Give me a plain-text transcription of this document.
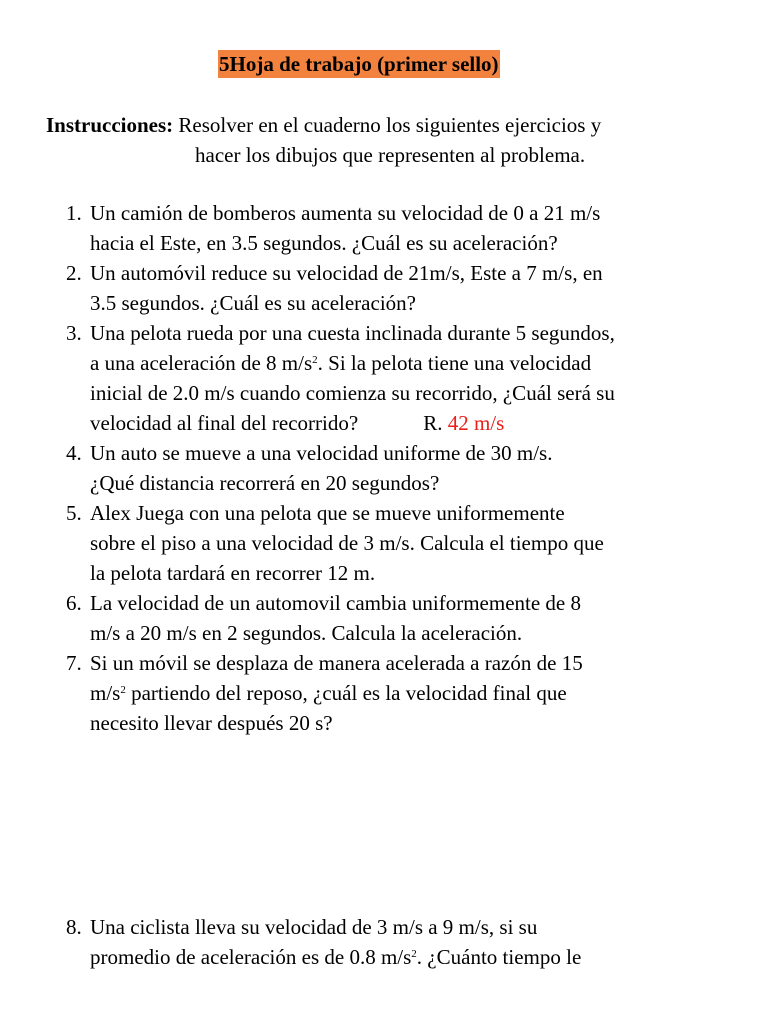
5Hoja de trabajo (primer sello)
Instrucciones: Resolver en el cuaderno los siguientes ejercicios y
hacer los dibujos que representen al problema.
1. Un camión de bomberos aumenta su velocidad de 0 a 21 m/s
hacia el Este, en 3.5 segundos. ¿Cuál es su aceleración?
2. Un automóvil reduce su velocidad de 21m/s, Este a 7 m/s, en
3.5 segundos. ¿Cuál es su aceleración?
3. Una pelota rueda por una cuesta inclinada durante 5 segundos,
a una aceleración de 8 $m/s^2$. Si la pelota tiene una velocidad
inicial de 2.0 m/s cuando comienza su recorrido, ¿Cuál será su
velocidad al final del recorrido?	R. 42 m/s
4. Un auto se mueve a una velocidad uniforme de 30 m/s.
¿Qué distancia recorrerá en 20 segundos?
5. Alex Juega con una pelota que se mueve uniformemente
sobre el piso a una velocidad de 3 m/s. Calcula el tiempo que
la pelota tardará en recorrer 12 m.
6. La velocidad de un automovil cambia uniformemente de 8
m/s a 20 m/s en 2 segundos. Calcula la aceleración.
7. Si un móvil se desplaza de manera acelerada a razón de 15
$m/s^2$ partiendo del reposo, ¿cuál es la velocidad final que
necesito llevar después 20 s?
8. Una ciclista lleva su velocidad de 3 m/s a 9 m/s, si su
promedio de aceleración es de 0.8 $m/s^2$. ¿Cuánto tiempo le
